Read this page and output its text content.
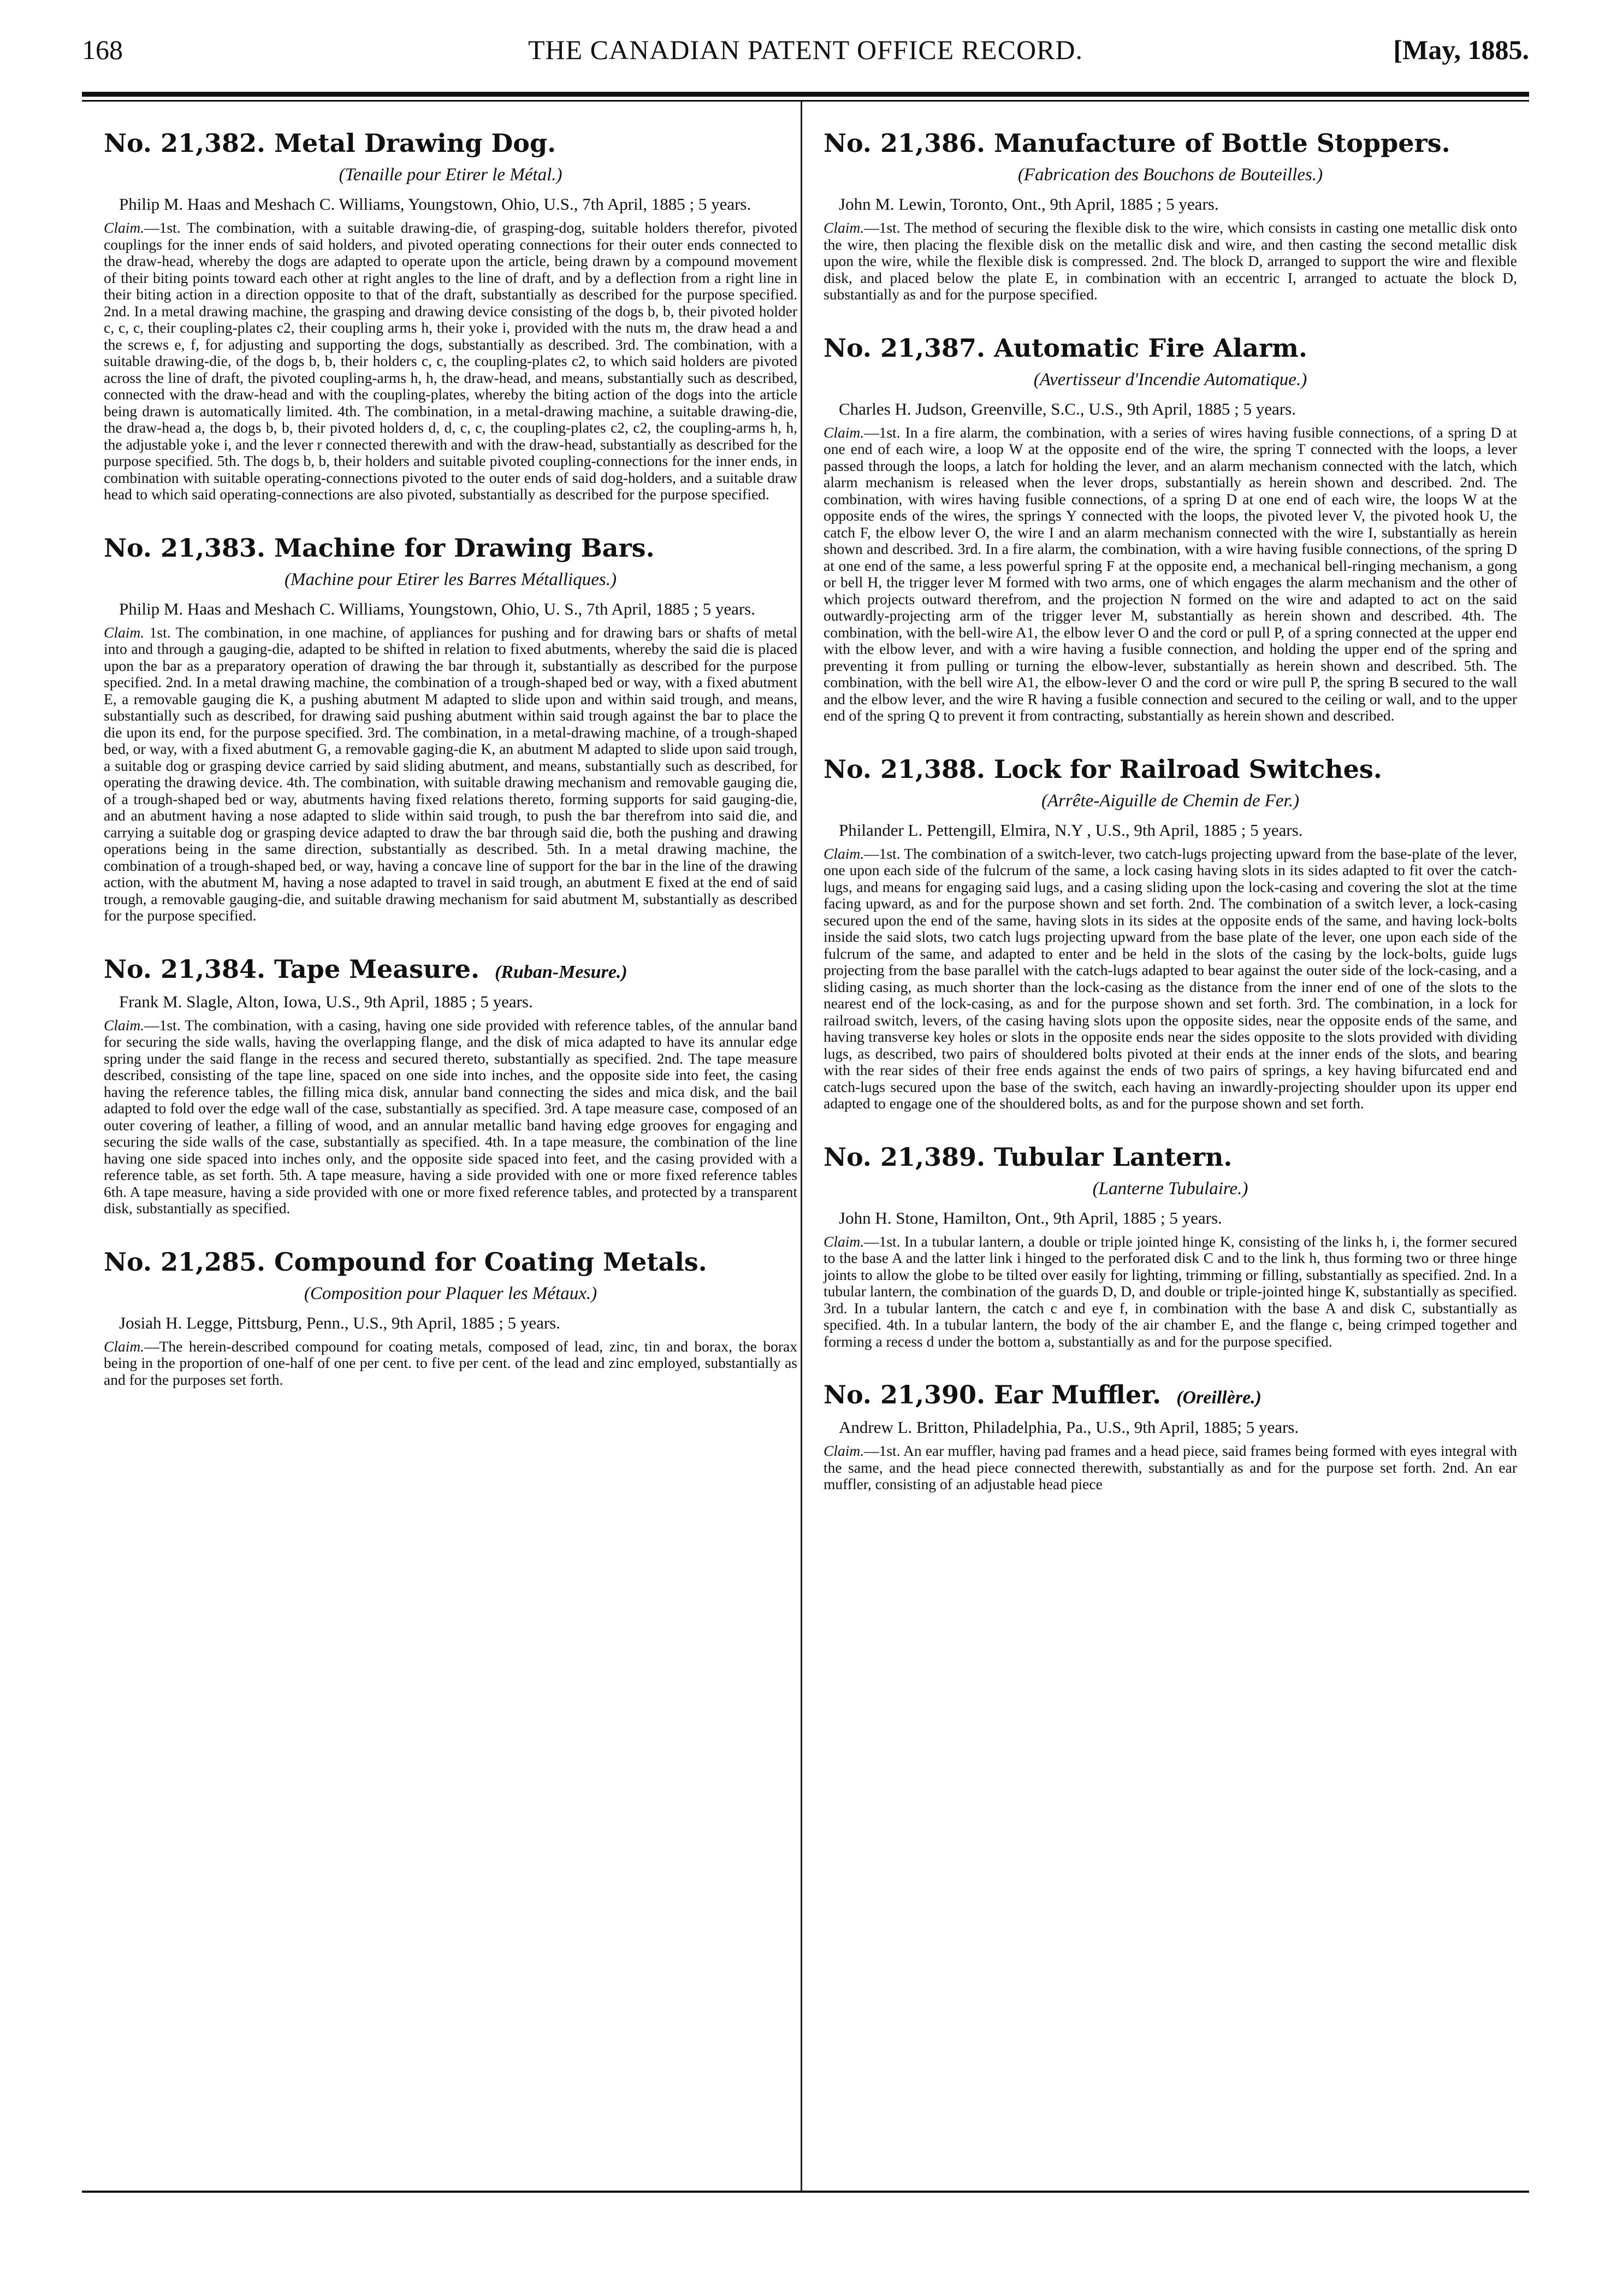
168	THE CANADIAN PATENT OFFICE RECORD.	[May, 1885.
No. 21,382. Metal Drawing Dog.
(Tenaille pour Etirer le Métal.)
Philip M. Haas and Meshach C. Williams, Youngstown, Ohio, U.S., 7th April, 1885 ; 5 years.
Claim.—1st. The combination, with a suitable drawing-die, of grasping-dog, suitable holders therefor, pivoted couplings for the inner ends of said holders, and pivoted operating connections for their outer ends connected to the draw-head, whereby the dogs are adapted to operate upon the article, being drawn by a compound movement of their biting points toward each other at right angles to the line of draft, and by a deflection from a right line in their biting action in a direction opposite to that of the draft, substantially as described for the purpose specified. 2nd. In a metal drawing machine, the grasping and drawing device consisting of the dogs b, b, their pivoted holder c, c, c, their coupling-plates c2, their coupling arms h, their yoke i, provided with the nuts m, the draw head a and the screws e, f, for adjusting and supporting the dogs, substantially as described. 3rd. The combination, with a suitable drawing-die, of the dogs b, b, their holders c, c, the coupling-plates c2, to which said holders are pivoted across the line of draft, the pivoted coupling-arms h, h, the draw-head, and means, substantially such as described, connected with the draw-head and with the coupling-plates, whereby the biting action of the dogs into the article being drawn is automatically limited. 4th. The combination, in a metal-drawing machine, a suitable drawing-die, the draw-head a, the dogs b, b, their pivoted holders d, d, c, c, the coupling-plates c2, c2, the coupling-arms h, h, the adjustable yoke i, and the lever r connected therewith and with the draw-head, substantially as described for the purpose specified. 5th. The dogs b, b, their holders and suitable pivoted coupling-connections for the inner ends, in combination with suitable operating-connections pivoted to the outer ends of said dog-holders, and a suitable draw head to which said operating-connections are also pivoted, substantially as described for the purpose specified.
No. 21,383. Machine for Drawing Bars.
(Machine pour Etirer les Barres Métalliques.)
Philip M. Haas and Meshach C. Williams, Youngstown, Ohio, U. S., 7th April, 1885 ; 5 years.
Claim. 1st. The combination, in one machine, of appliances for pushing and for drawing bars or shafts of metal into and through a gauging-die, adapted to be shifted in relation to fixed abutments, whereby the said die is placed upon the bar as a preparatory operation of drawing the bar through it, substantially as described for the purpose specified. 2nd. In a metal drawing machine, the combination of a trough-shaped bed or way, with a fixed abutment E, a removable gauging die K, a pushing abutment M adapted to slide upon and within said trough, and means, substantially such as described, for drawing said pushing abutment within said trough against the bar to place the die upon its end, for the purpose specified. 3rd. The combination, in a metal-drawing machine, of a trough-shaped bed, or way, with a fixed abutment G, a removable gaging-die K, an abutment M adapted to slide upon said trough, a suitable dog or grasping device carried by said sliding abutment, and means, substantially such as described, for operating the drawing device. 4th. The combination, with suitable drawing mechanism and removable gauging die, of a trough-shaped bed or way, abutments having fixed relations thereto, forming supports for said gauging-die, and an abutment having a nose adapted to slide within said trough, to push the bar therefrom into said die, and carrying a suitable dog or grasping device adapted to draw the bar through said die, both the pushing and drawing operations being in the same direction, substantially as described. 5th. In a metal drawing machine, the combination of a trough-shaped bed, or way, having a concave line of support for the bar in the line of the drawing action, with the abutment M, having a nose adapted to travel in said trough, an abutment E fixed at the end of said trough, a removable gauging-die, and suitable drawing mechanism for said abutment M, substantially as described for the purpose specified.
No. 21,384. Tape Measure. (Ruban-Mesure.)
Frank M. Slagle, Alton, Iowa, U.S., 9th April, 1885 ; 5 years.
Claim.—1st. The combination, with a casing, having one side provided with reference tables, of the annular band for securing the side walls, having the overlapping flange, and the disk of mica adapted to have its annular edge spring under the said flange in the recess and secured thereto, substantially as specified. 2nd. The tape measure described, consisting of the tape line, spaced on one side into inches, and the opposite side into feet, the casing having the reference tables, the filling mica disk, annular band connecting the sides and mica disk, and the bail adapted to fold over the edge wall of the case, substantially as specified. 3rd. A tape measure case, composed of an outer covering of leather, a filling of wood, and an annular metallic band having edge grooves for engaging and securing the side walls of the case, substantially as specified. 4th. In a tape measure, the combination of the line having one side spaced into inches only, and the opposite side spaced into feet, and the casing provided with a reference table, as set forth. 5th. A tape measure, having a side provided with one or more fixed reference tables 6th. A tape measure, having a side provided with one or more fixed reference tables, and protected by a transparent disk, substantially as specified.
No. 21,285. Compound for Coating Metals.
(Composition pour Plaquer les Métaux.)
Josiah H. Legge, Pittsburg, Penn., U.S., 9th April, 1885 ; 5 years.
Claim.—The herein-described compound for coating metals, composed of lead, zinc, tin and borax, the borax being in the proportion of one-half of one per cent. to five per cent. of the lead and zinc employed, substantially as and for the purposes set forth.
No. 21,386. Manufacture of Bottle Stoppers.
(Fabrication des Bouchons de Bouteilles.)
John M. Lewin, Toronto, Ont., 9th April, 1885 ; 5 years.
Claim.—1st. The method of securing the flexible disk to the wire, which consists in casting one metallic disk onto the wire, then placing the flexible disk on the metallic disk and wire, and then casting the second metallic disk upon the wire, while the flexible disk is compressed. 2nd. The block D, arranged to support the wire and flexible disk, and placed below the plate E, in combination with an eccentric I, arranged to actuate the block D, substantially as and for the purpose specified.
No. 21,387. Automatic Fire Alarm.
(Avertisseur d'Incendie Automatique.)
Charles H. Judson, Greenville, S.C., U.S., 9th April, 1885 ; 5 years.
Claim.—1st. In a fire alarm, the combination, with a series of wires having fusible connections, of a spring D at one end of each wire, a loop W at the opposite end of the wire, the spring T connected with the loops, a lever passed through the loops, a latch for holding the lever, and an alarm mechanism connected with the latch, which alarm mechanism is released when the lever drops, substantially as herein shown and described. 2nd. The combination, with wires having fusible connections, of a spring D at one end of each wire, the loops W at the opposite ends of the wires, the springs Y connected with the loops, the pivoted lever V, the pivoted hook U, the catch F, the elbow lever O, the wire I and an alarm mechanism connected with the wire I, substantially as herein shown and described. 3rd. In a fire alarm, the combination, with a wire having fusible connections, of the spring D at one end of the same, a less powerful spring F at the opposite end, a mechanical bell-ringing mechanism, a gong or bell H, the trigger lever M formed with two arms, one of which engages the alarm mechanism and the other of which projects outward therefrom, and the projection N formed on the wire and adapted to act on the said outwardly-projecting arm of the trigger lever M, substantially as herein shown and described. 4th. The combination, with the bell-wire A1, the elbow lever O and the cord or pull P, of a spring connected at the upper end with the elbow lever, and with a wire having a fusible connection, and holding the upper end of the spring and preventing it from pulling or turning the elbow-lever, substantially as herein shown and described. 5th. The combination, with the bell wire A1, the elbow-lever O and the cord or wire pull P, the spring B secured to the wall and the elbow lever, and the wire R having a fusible connection and secured to the ceiling or wall, and to the upper end of the spring Q to prevent it from contracting, substantially as herein shown and described.
No. 21,388. Lock for Railroad Switches.
(Arrête-Aiguille de Chemin de Fer.)
Philander L. Pettengill, Elmira, N.Y , U.S., 9th April, 1885 ; 5 years.
Claim.—1st. The combination of a switch-lever, two catch-lugs projecting upward from the base-plate of the lever, one upon each side of the fulcrum of the same, a lock casing having slots in its sides adapted to fit over the catch-lugs, and means for engaging said lugs, and a casing sliding upon the lock-casing and covering the slot at the time facing upward, as and for the purpose shown and set forth. 2nd. The combination of a switch lever, a lock-casing secured upon the end of the same, having slots in its sides at the opposite ends of the same, and having lock-bolts inside the said slots, two catch lugs projecting upward from the base plate of the lever, one upon each side of the fulcrum of the same, and adapted to enter and be held in the slots of the casing by the lock-bolts, guide lugs projecting from the base parallel with the catch-lugs adapted to bear against the outer side of the lock-casing, and a sliding casing, as much shorter than the lock-casing as the distance from the inner end of one of the slots to the nearest end of the lock-casing, as and for the purpose shown and set forth. 3rd. The combination, in a lock for railroad switch, levers, of the casing having slots upon the opposite sides, near the opposite ends of the same, and having transverse key holes or slots in the opposite ends near the sides opposite to the slots provided with dividing lugs, as described, two pairs of shouldered bolts pivoted at their ends at the inner ends of the slots, and bearing with the rear sides of their free ends against the ends of two pairs of springs, a key having bifurcated end and catch-lugs secured upon the base of the switch, each having an inwardly-projecting shoulder upon its upper end adapted to engage one of the shouldered bolts, as and for the purpose shown and set forth.
No. 21,389. Tubular Lantern.
(Lanterne Tubulaire.)
John H. Stone, Hamilton, Ont., 9th April, 1885 ; 5 years.
Claim.—1st. In a tubular lantern, a double or triple jointed hinge K, consisting of the links h, i, the former secured to the base A and the latter link i hinged to the perforated disk C and to the link h, thus forming two or three hinge joints to allow the globe to be tilted over easily for lighting, trimming or filling, substantially as specified. 2nd. In a tubular lantern, the combination of the guards D, D, and double or triple-jointed hinge K, substantially as specified. 3rd. In a tubular lantern, the catch c and eye f, in combination with the base A and disk C, substantially as specified. 4th. In a tubular lantern, the body of the air chamber E, and the flange c, being crimped together and forming a recess d under the bottom a, substantially as and for the purpose specified.
No. 21,390. Ear Muffler. (Oreillère.)
Andrew L. Britton, Philadelphia, Pa., U.S., 9th April, 1885; 5 years.
Claim.—1st. An ear muffler, having pad frames and a head piece, said frames being formed with eyes integral with the same, and the head piece connected therewith, substantially as and for the purpose set forth. 2nd. An ear muffler, consisting of an adjustable head piece
